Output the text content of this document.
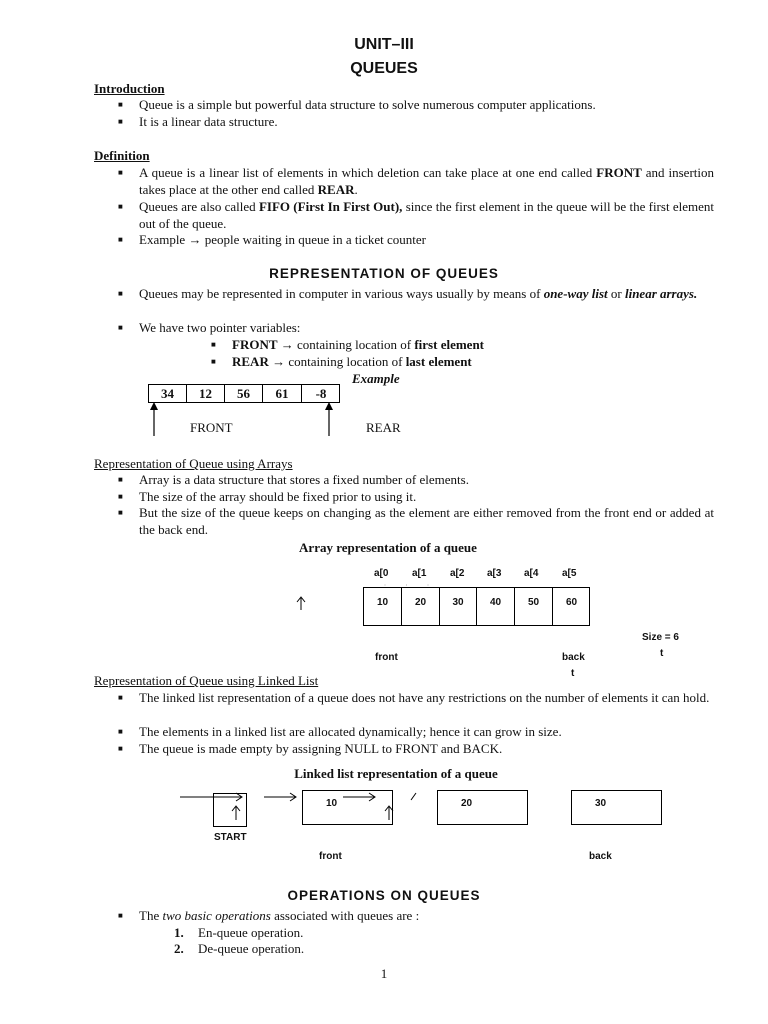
UNIT–III
QUEUES
Introduction
■ Queue is a simple but powerful data structure to solve numerous computer applications.
■ It is a linear data structure.
Definition
■ A queue is a linear list of elements in which deletion can take place at one end called FRONT and insertion takes place at the other end called REAR.
■ Queues are also called FIFO (First In First Out), since the first element in the queue will be the first element out of the queue.
■ Example → people waiting in queue in a ticket counter
REPRESENTATION OF QUEUES
■ Queues may be represented in computer in various ways usually by means of one-way list or linear arrays.
■ We have two pointer variables:
■ FRONT → containing location of first element
■ REAR → containing location of last element
Example
34	12	56	61	-8
FRONT	REAR
Representation of Queue using Arrays
■ Array is a data structure that stores a fixed number of elements.
■ The size of the array should be fixed prior to using it.
■ But the size of the queue keeps on changing as the element are either removed from the front end or added at the back end.
Array representation of a queue
a[0 a[1 a[2 a[3 a[4 a[5
ˌ             ˌ             ˌ
10	20	30	40	50	60
Size = 6
t
front	back
t
Representation of Queue using Linked List
■ The linked list representation of a queue does not have any restrictions on the number of elements it can hold.
■ The elements in a linked list are allocated dynamically; hence it can grow in size.
■ The queue is made empty by assigning NULL to FRONT and BACK.
Linked list representation of a queue
10	20	30
START
front	back
OPERATIONS ON QUEUES
■ The two basic operations associated with queues are :
1. En-queue operation.
2. De-queue operation.
1
